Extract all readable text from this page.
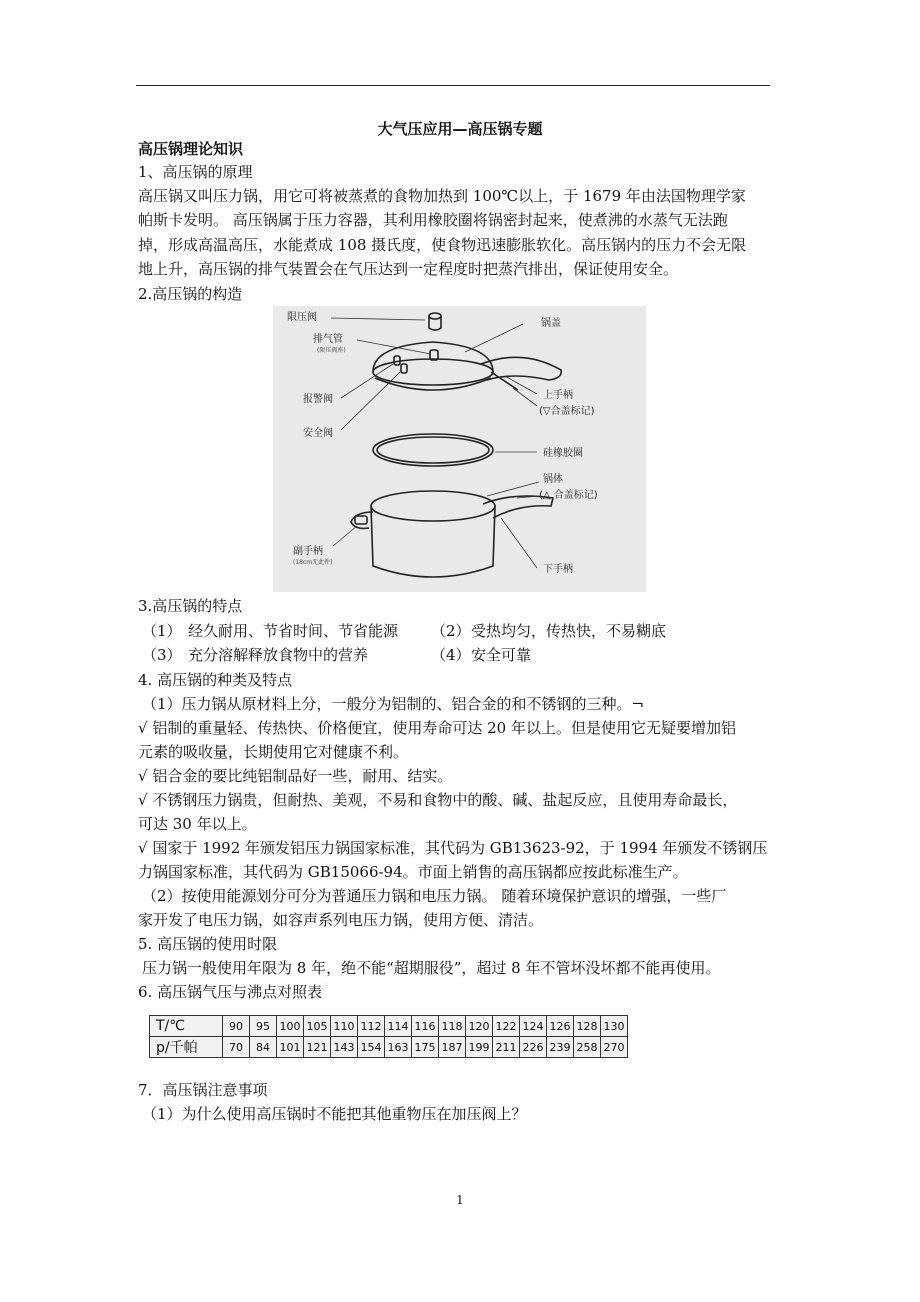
大气压应用—高压锅专题
高压锅理论知识
1、高压锅的原理
高压锅又叫压力锅，用它可将被蒸煮的食物加热到 100℃以上，于 1679 年由法国物理学家
帕斯卡发明。 高压锅属于压力容器，其利用橡胶圈将锅密封起来，使煮沸的水蒸气无法跑
掉，形成高温高压，水能煮成 108 摄氏度，使食物迅速膨胀软化。高压锅内的压力不会无限
地上升，高压锅的排气装置会在气压达到一定程度时把蒸汽排出，保证使用安全。
2.高压锅的构造
限压阀
排气管
(限压阀座)
报警阀
安全阀
副手柄
(18cm无此件)
锅盖
上手柄
(▽合盖标记)
硅橡胶圈
锅体
(△ 合盖标记)
下手柄
3.高压锅的特点
（1） 经久耐用、节省时间、节省能源 （2） 受热均匀，传热快，不易糊底
（3） 充分溶解释放食物中的营养	（4） 安全可靠
4. 高压锅的种类及特点
（1）压力锅从原材料上分，一般分为铝制的、铝合金的和不锈钢的三种。¬
√ 铝制的重量轻、传热快、价格便宜，使用寿命可达 20 年以上。但是使用它无疑要增加铝
元素的吸收量，长期使用它对健康不利。
√ 铝合金的要比纯铝制品好一些，耐用、结实。
√ 不锈钢压力锅贵，但耐热、美观，不易和食物中的酸、碱、盐起反应，且使用寿命最长，
可达 30 年以上。
√ 国家于 1992 年颁发铝压力锅国家标准，其代码为 GB13623-92，于 1994 年颁发不锈钢压
力锅国家标准，其代码为 GB15066-94。市面上销售的高压锅都应按此标准生产。
（2）按使用能源划分可分为普通压力锅和电压力锅。 随着环境保护意识的增强，一些厂
家开发了电压力锅，如容声系列电压力锅，使用方便、清洁。
5. 高压锅的使用时限
压力锅一般使用年限为 8 年，绝不能“超期服役”，超过 8 年不管坏没坏都不能再使用。
6. 高压锅气压与沸点对照表
T/℃	90	95	100	105	110	112	114	116	118	120	122	124	126	128	130
p/千帕	70	84	101	121	143	154	163	175	187	199	211	226	239	258	270
7．高压锅注意事项
（1）为什么使用高压锅时不能把其他重物压在加压阀上？
1
